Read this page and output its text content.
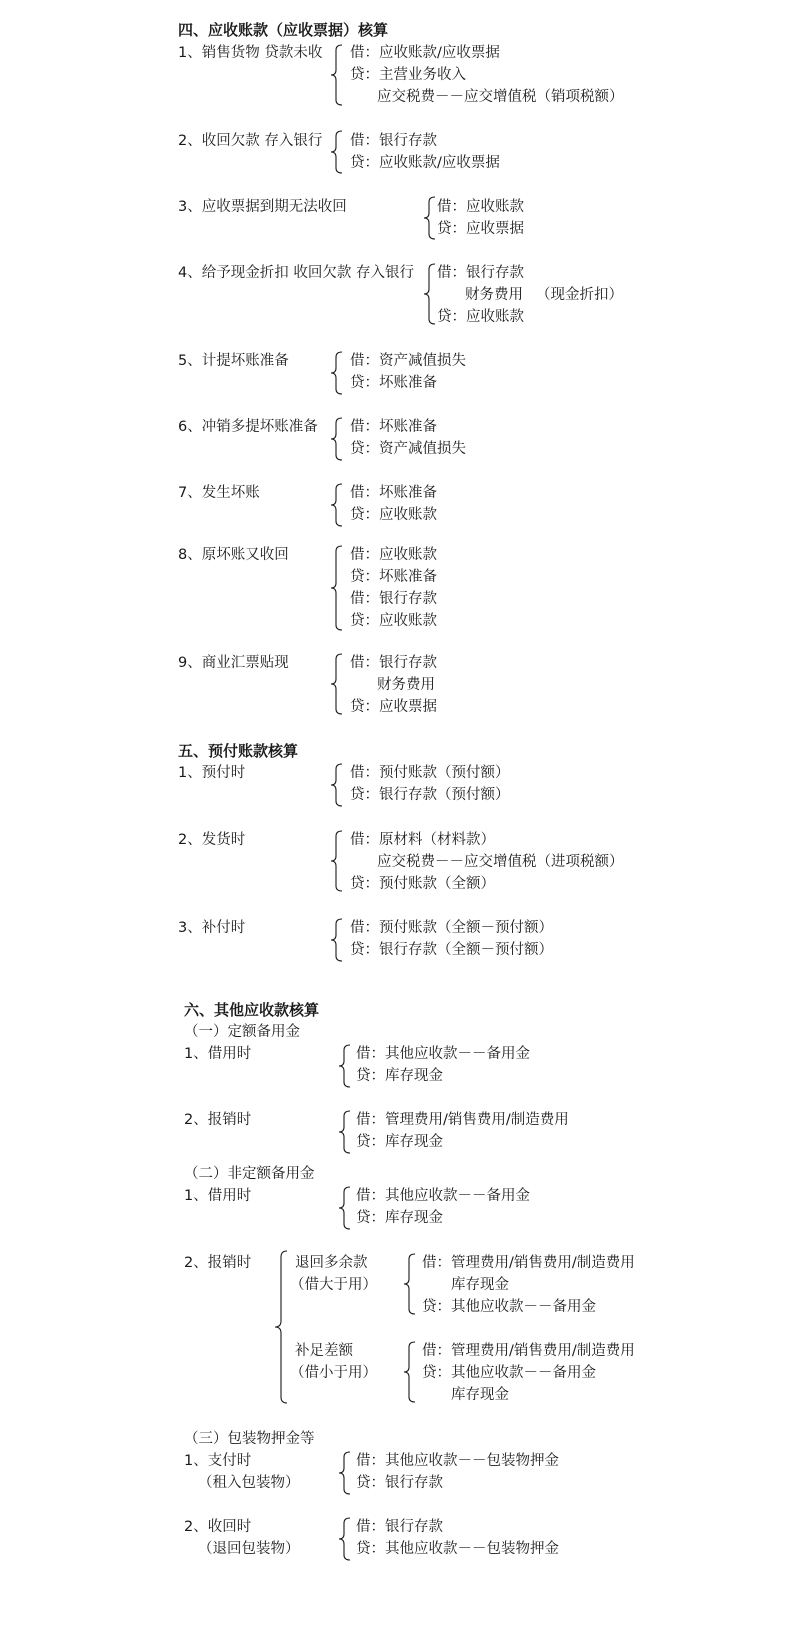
四、应收账款（应收票据）核算
1、销售货物 贷款未收 借：应收账款/应收票据
贷：主营业务收入
应交税费－－应交增值税（销项税额）
2、收回欠款 存入银行 借：银行存款
贷：应收账款/应收票据
3、应收票据到期无法收回	借：应收账款
贷：应收票据
4、给予现金折扣 收回欠款 存入银行 借：银行存款
财务费用 （现金折扣）
贷：应收账款
5、计提坏账准备	借：资产减值损失
贷：坏账准备
6、冲销多提坏账准备 借：坏账准备
贷：资产减值损失
7、发生坏账	借：坏账准备
贷：应收账款
8、原坏账又收回	借：应收账款
贷：坏账准备
借：银行存款
贷：应收账款
9、商业汇票贴现	借：银行存款
财务费用
贷：应收票据
五、预付账款核算
1、预付时	借：预付账款（预付额）
贷：银行存款（预付额）
2、发货时	借：原材料（材料款）
应交税费－－应交增值税（进项税额）
贷：预付账款（全额）
3、补付时	借：预付账款（全额－预付额）
贷：银行存款（全额－预付额）
六、其他应收款核算
（一）定额备用金
1、借用时	借：其他应收款－－备用金
贷：库存现金
2、报销时	借：管理费用/销售费用/制造费用
贷：库存现金
（二）非定额备用金
1、借用时	借：其他应收款－－备用金
贷：库存现金
2、报销时	退回多余款
（借大于用）
借：管理费用/销售费用/制造费用
库存现金
贷：其他应收款－－备用金
补足差额
（借小于用）
借：管理费用/销售费用/制造费用
贷：其他应收款－－备用金
库存现金
（三）包装物押金等
1、支付时
（租入包装物）
借：其他应收款－－包装物押金
贷：银行存款
2、收回时
（退回包装物）
借：银行存款
贷：其他应收款－－包装物押金
